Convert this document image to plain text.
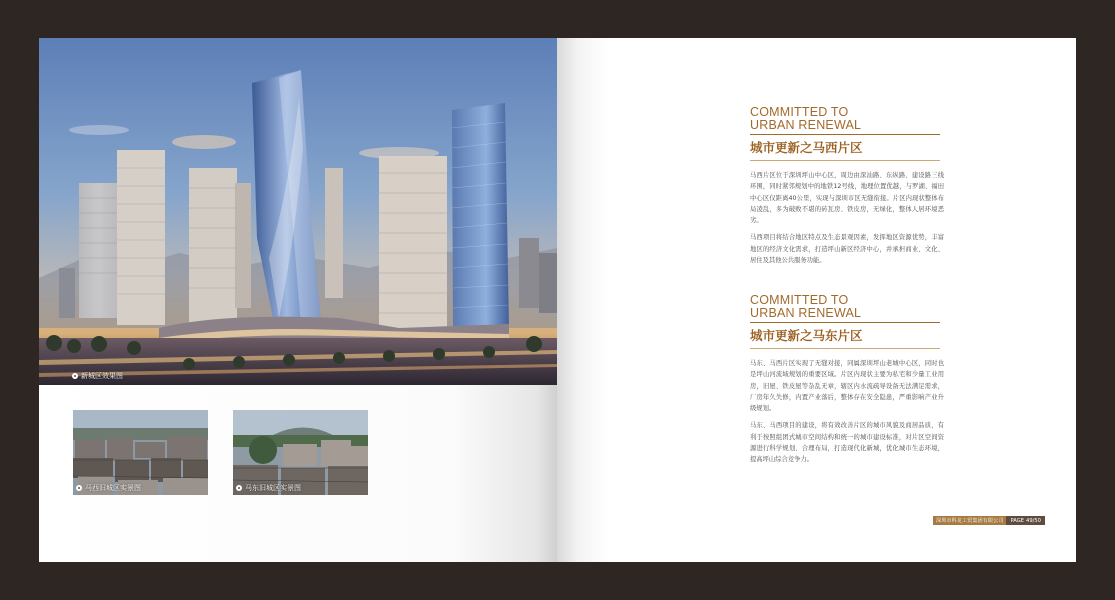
新城区效果图
马西旧城区实景图	马东旧城区实景图

COMMITTED TO
URBAN RENEWAL

城市更新之马西片区

马西片区位于深圳坪山中心区，周边由深汕路、东纵路、建设路三线环围，同时紧邻规划中的地铁12号线，地理位置优越，与罗湖、福田中心区仅距离40公里，实现与深圳市区无缝衔接。片区内现状整体布局凌乱，多为破败不堪的砖瓦房、铁皮房，无绿化，整体人居环境恶劣。

马西项目将结合地区特点及生态景观因素，发挥地区资源优势，丰富地区的经济文化需求，打造坪山新区经济中心，并承担商业、文化、居住及其他公共服务功能。

COMMITTED TO
URBAN RENEWAL

城市更新之马东片区

马东、马西片区实现了无缝对接，同属深圳坪山老城中心区，同时也是坪山河流域规划的重要区域。片区内现状主要为私宅和少量工业用房，旧屋、铁皮屋等杂乱无章，辖区内水流疏导设备无法满足需求，厂房年久失修，内置产业落后，整体存在安全隐患，严重影响产业升级规划。

马东、马西项目的建设，将有效改善片区的城市风貌及商居品质，有利于按照组团式城市空间结构和统一的城市建设标准，对片区空间资源进行科学规划、合理布局，打造现代化新城，优化城市生态环境，提高坪山综合竞争力。

深圳市科龙工贸集团有限公司	PAGE 49/50
